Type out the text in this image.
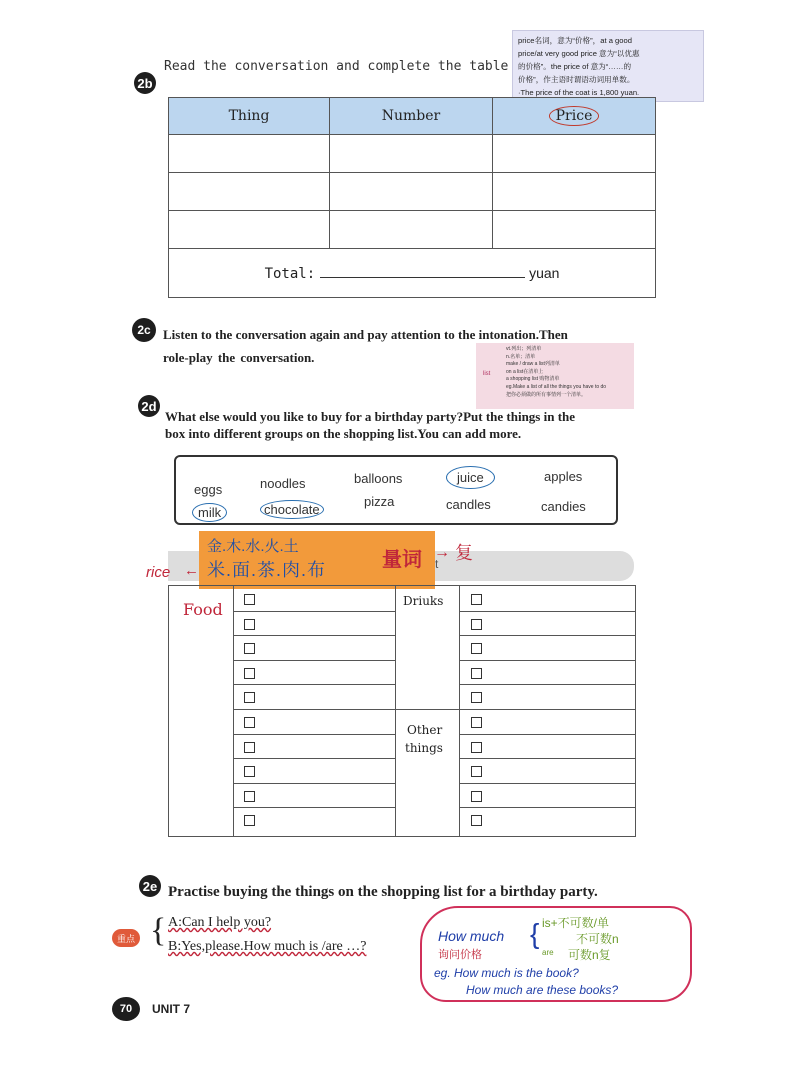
price名词，意为“价格”，at a good
price/at very good price 意为“以优惠
的价格”。the price of 意为“……的
价格”，作主语时谓语动词用单数。
·The price of the coat is 1,800 yuan.
2b
Read the conversation and complete the table
Thing	Number	Price

Total: yuan		
2c Listen to the conversation again and pay attention to the intonation.Then
role-play the conversation.
list
vt.列出；列清单
n.名单；清单
make / draw a list列清单
on a list在清单上
a shopping list 购物清单
eg.Make a list of all the things you have to do
把你必须做的所有事情列一个清单。
2d
What else would you like to buy for a birthday party?Put the things in the
box into different groups on the shopping list.You can add more.
eggs	noodles	balloons	juice	apples
milk	chocolate
pizza	candles	candies
t
金.木.水.火.土
米.面.茶.肉.布	量词 → 复
rice ←
Food	Driuks
Other
things
2e Practise buying the things on the shopping list for a birthday party.
重点 { A:Can I help you?
B:Yes,please.How much is /are …?
How much
询问价格
{ is+不可数/单
不可数n
are 可数n复
eg. How much is the book?
How much are these books?
70	UNIT 7
